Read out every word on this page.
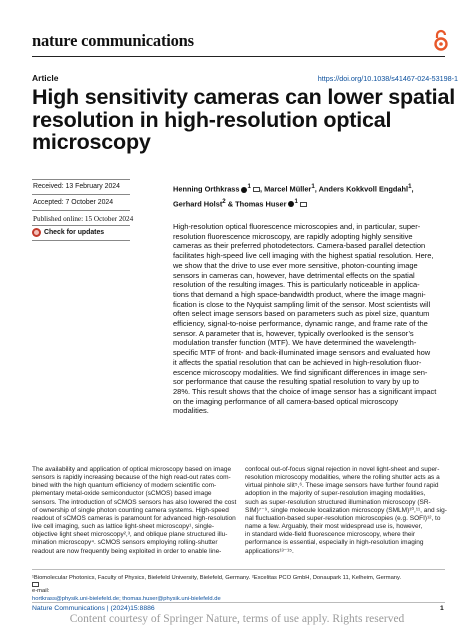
nature communications
Article	https://doi.org/10.1038/s41467-024-53198-1
High sensitivity cameras can lower spatial
resolution in high-resolution optical
microscopy
Received: 13 February 2024
Accepted: 7 October 2024
Published online: 15 October 2024
Check for updates
Henning Orthkrass $^1$ , Marcel Müller$^1$, Anders Kokkvoll Engdahl$^1$,
Gerhard Holst$^2$ & Thomas Huser $^1$
High-resolution optical fluorescence microscopies and, in particular, super-
resolution fluorescence microscopy, are rapidly adopting highly sensitive
cameras as their preferred photodetectors. Camera-based parallel detection
facilitates high-speed live cell imaging with the highest spatial resolution. Here,
we show that the drive to use ever more sensitive, photon-counting image
sensors in cameras can, however, have detrimental effects on the spatial
resolution of the resulting images. This is particularly noticeable in applica-
tions that demand a high space-bandwidth product, where the image magni-
fication is close to the Nyquist sampling limit of the sensor. Most scientists will
often select image sensors based on parameters such as pixel size, quantum
efficiency, signal-to-noise performance, dynamic range, and frame rate of the
sensor. A parameter that is, however, typically overlooked is the sensor’s
modulation transfer function (MTF). We have determined the wavelength-
specific MTF of front- and back-illuminated image sensors and evaluated how
it affects the spatial resolution that can be achieved in high-resolution fluor-
escence microscopy modalities. We find significant differences in image sen-
sor performance that cause the resulting spatial resolution to vary by up to
28%. This result shows that the choice of image sensor has a significant impact
on the imaging performance of all camera-based optical microscopy
modalities.
The availability and application of optical microscopy based on image
sensors is rapidly increasing because of the high read-out rates com-
bined with the high quantum efficiency of modern scientific com-
plementary metal-oxide semiconductor (sCMOS) based image
sensors. The introduction of sCMOS sensors has also lowered the cost
of ownership of single photon counting camera systems. High-speed
readout of sCMOS cameras is paramount for advanced high-resolution
live cell imaging, such as lattice light-sheet microscopy¹, single-
objective light sheet microscopy²,³, and oblique plane structured illu-
mination microscopy⁴. sCMOS sensors employing rolling-shutter
readout are now frequently being exploited in order to enable line-
confocal out-of-focus signal rejection in novel light-sheet and super-
resolution microscopy modalities, where the rolling shutter acts as a
virtual pinhole slit⁵,⁶. These image sensors have further found rapid
adoption in the majority of super-resolution imaging modalities,
such as super-resolution structured illumination microscopy (SR-
SIM)⁷⁻⁹, single molecule localization microscopy (SMLM)¹⁰,¹¹, and sig-
nal fluctuation-based super-resolution microscopies (e.g. SOFI)¹², to
name a few. Arguably, their most widespread use is, however,
in standard wide-field fluorescence microscopy, where their
performance is essential, especially in high-resolution imaging
applications¹³⁻¹⁵.
¹Biomolecular Photonics, Faculty of Physics, Bielefeld University, Bielefeld, Germany. ²Excelitas PCO GmbH, Donaupark 11, Kelheim, Germany.
e-mail:
hortkrass@physik.uni-bielefeld.de; thomas.huser@physik.uni-bielefeld.de
Nature Communications | (2024)15:8886	1
Content courtesy of Springer Nature, terms of use apply. Rights reserved
